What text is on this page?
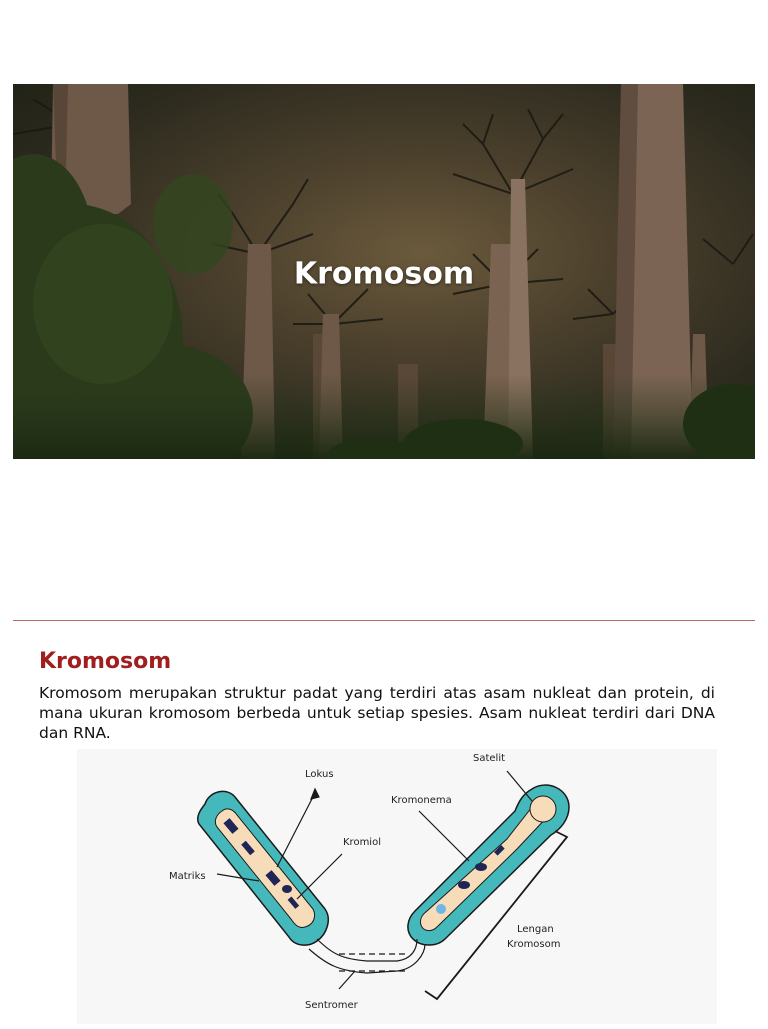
Kromosom
Kromosom
Kromosom merupakan struktur padat yang terdiri atas asam nukleat dan protein, di mana ukuran kromosom berbeda untuk setiap spesies. Asam nukleat terdiri dari DNA dan RNA.
Lokus
Satelit
Kromonema
Kromiol
Matriks
Lengan
Kromosom
Sentromer
